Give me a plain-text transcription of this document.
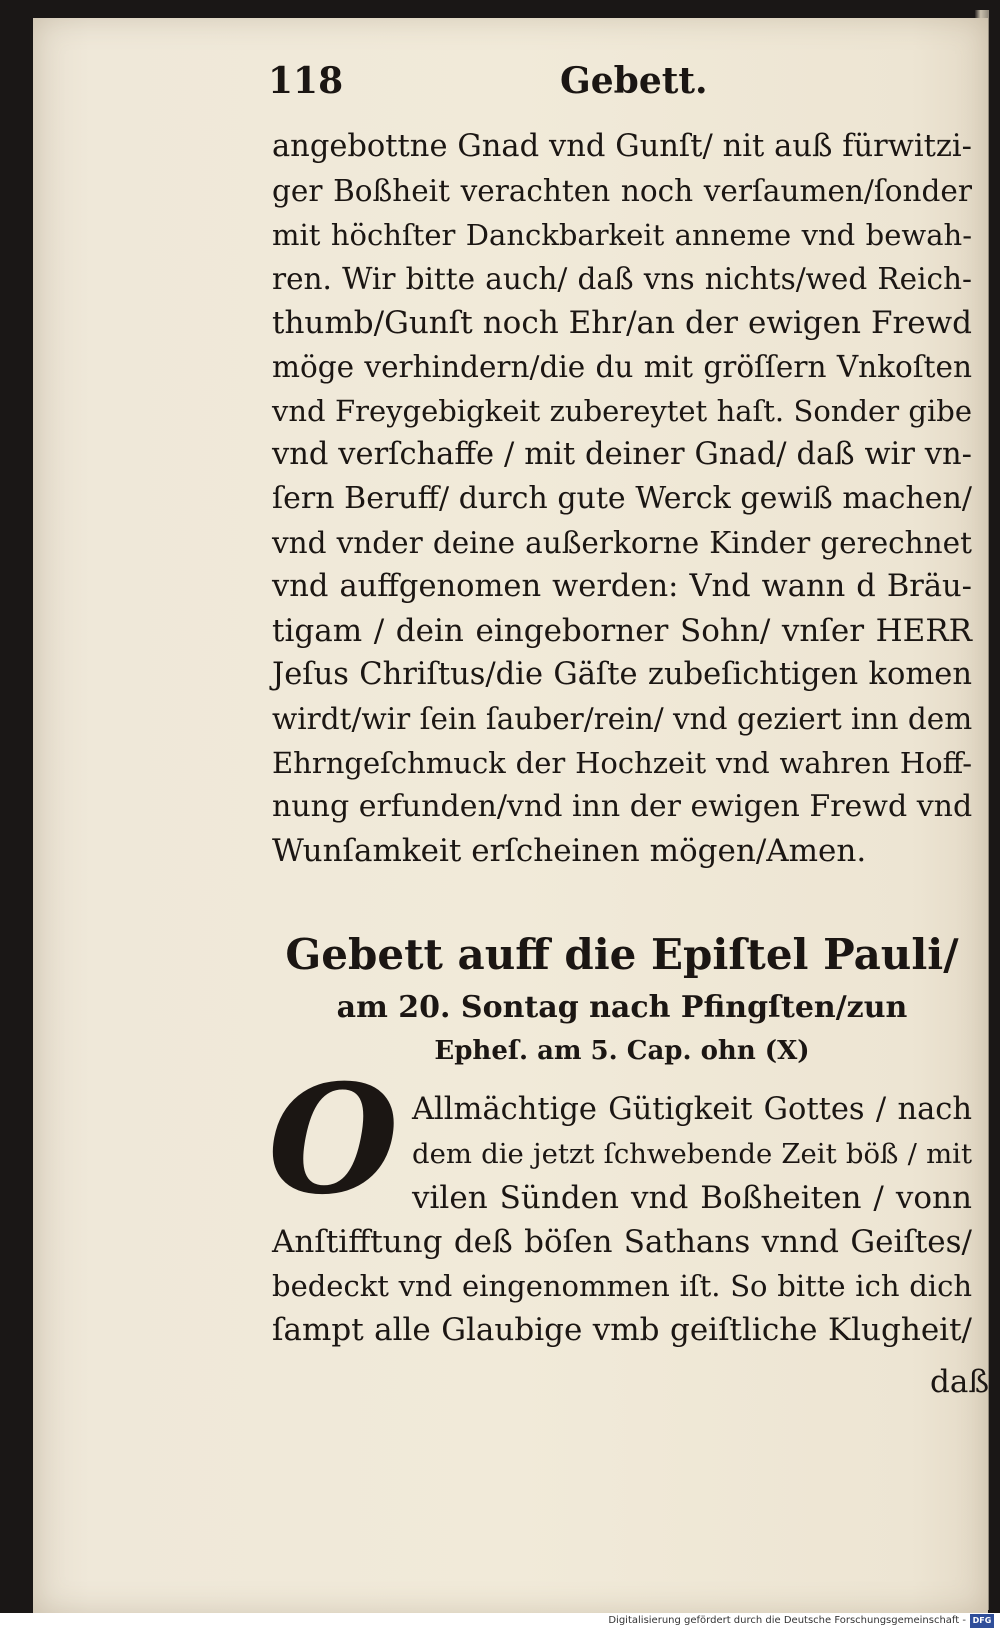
118	Gebett.
angebottne Gnad vnd Gunſt/ nit auß fürwitzi-
ger Boßheit verachten noch verſaumen/ſonder
mit höchſter Danckbarkeit anneme vnd bewah-
ren. Wir bitte auch/ daß vns nichts/wed Reich-
thumb/Gunſt noch Ehr/an der ewigen Frewd
möge verhindern/die du mit gröſſern Vnkoſten
vnd Freygebigkeit zubereytet haſt. Sonder gibe
vnd verſchaffe / mit deiner Gnad/ daß wir vn-
ſern Beruff/ durch gute Werck gewiß machen/
vnd vnder deine außerkorne Kinder gerechnet
vnd auffgenomen werden: Vnd wann d Bräu-
tigam / dein eingeborner Sohn/ vnſer HERR
Jeſus Chriſtus/die Gäſte zubeſichtigen komen
wirdt/wir ſein ſauber/rein/ vnd geziert inn dem
Ehrngeſchmuck der Hochzeit vnd wahren Hoff-
nung erfunden/vnd inn der ewigen Frewd vnd
Wunſamkeit erſcheinen mögen/Amen.
Gebett auff die Epiſtel Pauli/
am 20. Sontag nach Pfingſten/zun
Epheſ. am 5. Cap. ohn (X)
O Allmächtige Gütigkeit Gottes / nach
dem die jetzt ſchwebende Zeit böß / mit
vilen Sünden vnd Boßheiten / vonn
Anſtifftung deß böſen Sathans vnnd Geiſtes/
bedeckt vnd eingenommen iſt. So bitte ich dich
ſampt alle Glaubige vmb geiſtliche Klugheit/
daß
Digitalisierung gefördert durch die Deutsche Forschungsgemeinschaft - DFG
